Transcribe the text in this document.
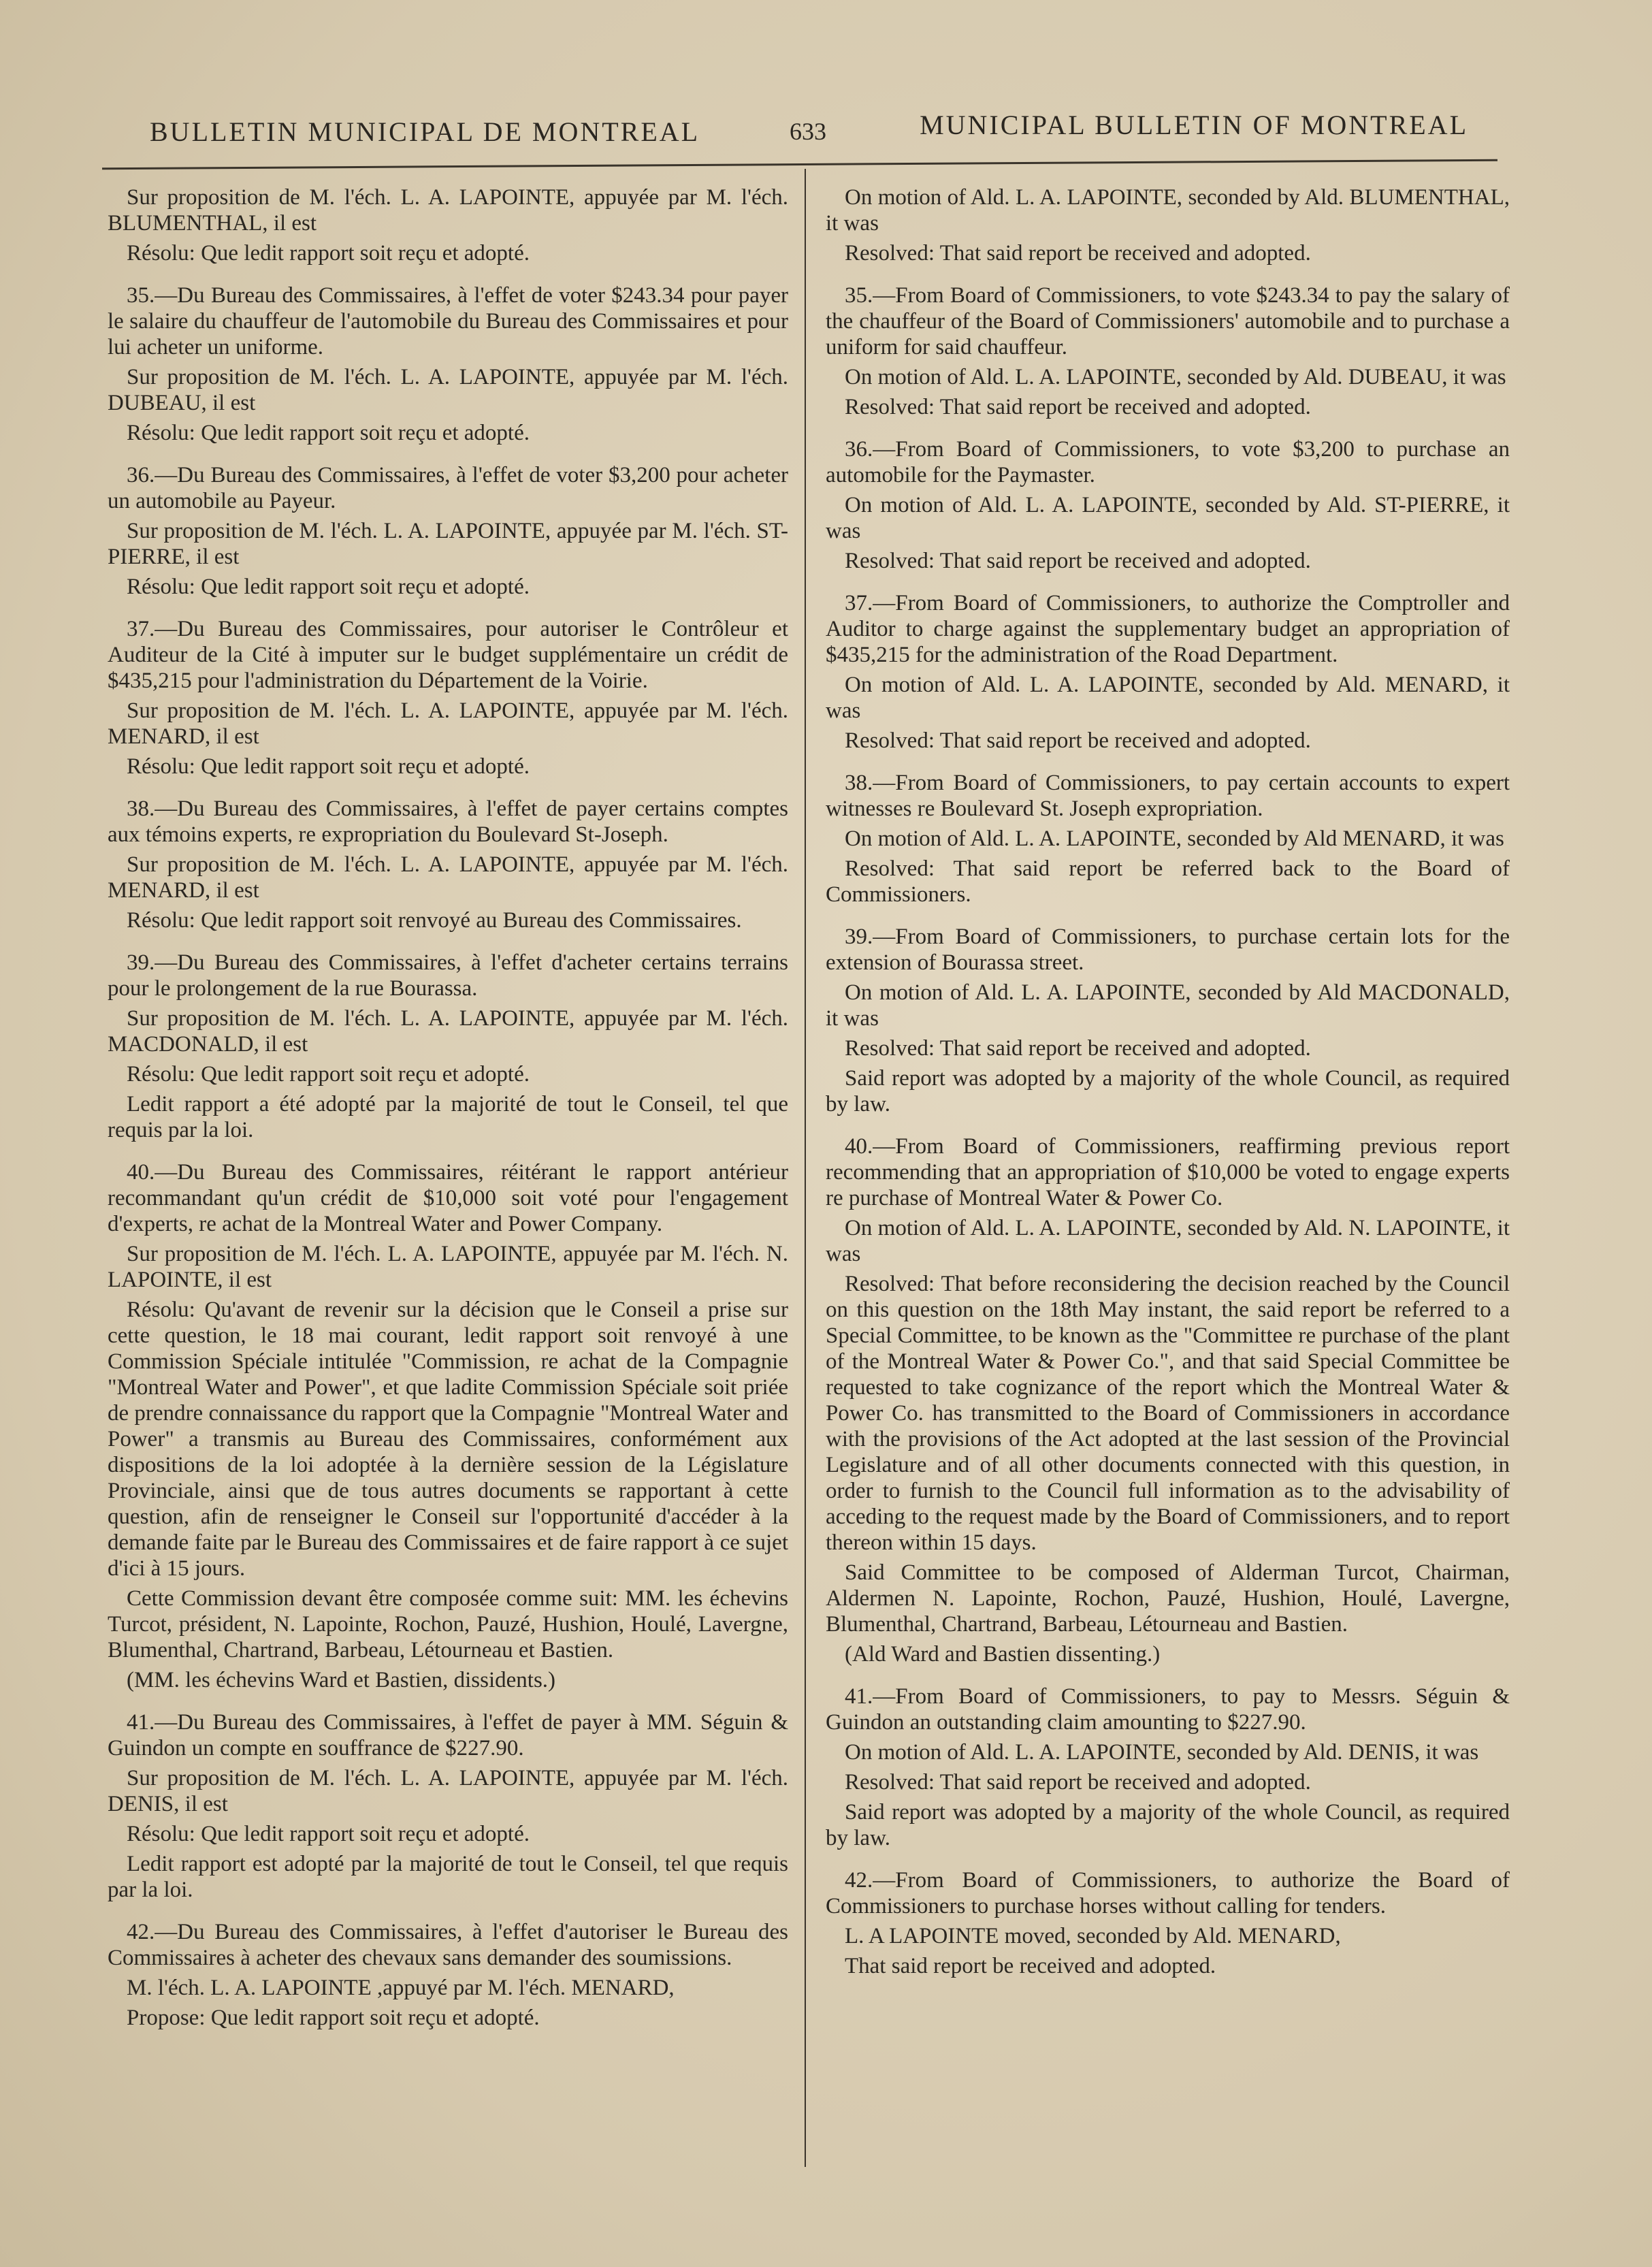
BULLETIN MUNICIPAL DE MONTREAL	633	MUNICIPAL BULLETIN OF MONTREAL

Sur proposition de M. l'éch. L. A. LAPOINTE, appuyée par M. l'éch. BLUMENTHAL, il est

Résolu: Que ledit rapport soit reçu et adopté.

35.—Du Bureau des Commissaires, à l'effet de voter $243.34 pour payer le salaire du chauffeur de l'automobile du Bureau des Commissaires et pour lui acheter un uniforme.

Sur proposition de M. l'éch. L. A. LAPOINTE, appuyée par M. l'éch. DUBEAU, il est

Résolu: Que ledit rapport soit reçu et adopté.

36.—Du Bureau des Commissaires, à l'effet de voter $3,200 pour acheter un automobile au Payeur.

Sur proposition de M. l'éch. L. A. LAPOINTE, appuyée par M. l'éch. ST-PIERRE, il est

Résolu: Que ledit rapport soit reçu et adopté.

37.—Du Bureau des Commissaires, pour autoriser le Contrôleur et Auditeur de la Cité à imputer sur le budget supplémentaire un crédit de $435,215 pour l'administration du Département de la Voirie.

Sur proposition de M. l'éch. L. A. LAPOINTE, appuyée par M. l'éch. MENARD, il est

Résolu: Que ledit rapport soit reçu et adopté.

38.—Du Bureau des Commissaires, à l'effet de payer certains comptes aux témoins experts, re expropriation du Boulevard St-Joseph.

Sur proposition de M. l'éch. L. A. LAPOINTE, appuyée par M. l'éch. MENARD, il est

Résolu: Que ledit rapport soit renvoyé au Bureau des Commissaires.

39.—Du Bureau des Commissaires, à l'effet d'acheter certains terrains pour le prolongement de la rue Bourassa.

Sur proposition de M. l'éch. L. A. LAPOINTE, appuyée par M. l'éch. MACDONALD, il est

Résolu: Que ledit rapport soit reçu et adopté.

Ledit rapport a été adopté par la majorité de tout le Conseil, tel que requis par la loi.

40.—Du Bureau des Commissaires, réitérant le rapport antérieur recommandant qu'un crédit de $10,000 soit voté pour l'engagement d'experts, re achat de la Montreal Water and Power Company.

Sur proposition de M. l'éch. L. A. LAPOINTE, appuyée par M. l'éch. N. LAPOINTE, il est

Résolu: Qu'avant de revenir sur la décision que le Conseil a prise sur cette question, le 18 mai courant, ledit rapport soit renvoyé à une Commission Spéciale intitulée "Commission, re achat de la Compagnie "Montreal Water and Power", et que ladite Commission Spéciale soit priée de prendre connaissance du rapport que la Compagnie "Montreal Water and Power" a transmis au Bureau des Commissaires, conformément aux dispositions de la loi adoptée à la dernière session de la Législature Provinciale, ainsi que de tous autres documents se rapportant à cette question, afin de renseigner le Conseil sur l'opportunité d'accéder à la demande faite par le Bureau des Commissaires et de faire rapport à ce sujet d'ici à 15 jours.

Cette Commission devant être composée comme suit: MM. les échevins Turcot, président, N. Lapointe, Rochon, Pauzé, Hushion, Houlé, Lavergne, Blumenthal, Chartrand, Barbeau, Létourneau et Bastien.

(MM. les échevins Ward et Bastien, dissidents.)

41.—Du Bureau des Commissaires, à l'effet de payer à MM. Séguin & Guindon un compte en souffrance de $227.90.

Sur proposition de M. l'éch. L. A. LAPOINTE, appuyée par M. l'éch. DENIS, il est

Résolu: Que ledit rapport soit reçu et adopté.

Ledit rapport est adopté par la majorité de tout le Conseil, tel que requis par la loi.

42.—Du Bureau des Commissaires, à l'effet d'autoriser le Bureau des Commissaires à acheter des chevaux sans demander des soumissions.

M. l'éch. L. A. LAPOINTE ,appuyé par M. l'éch. MENARD,

Propose: Que ledit rapport soit reçu et adopté.

On motion of Ald. L. A. LAPOINTE, seconded by Ald. BLUMENTHAL, it was

Resolved: That said report be received and adopted.

35.—From Board of Commissioners, to vote $243.34 to pay the salary of the chauffeur of the Board of Commissioners' automobile and to purchase a uniform for said chauffeur.

On motion of Ald. L. A. LAPOINTE, seconded by Ald. DUBEAU, it was

Resolved: That said report be received and adopted.

36.—From Board of Commissioners, to vote $3,200 to purchase an automobile for the Paymaster.

On motion of Ald. L. A. LAPOINTE, seconded by Ald. ST-PIERRE, it was

Resolved: That said report be received and adopted.

37.—From Board of Commissioners, to authorize the Comptroller and Auditor to charge against the supplementary budget an appropriation of $435,215 for the administration of the Road Department.

On motion of Ald. L. A. LAPOINTE, seconded by Ald. MENARD, it was

Resolved: That said report be received and adopted.

38.—From Board of Commissioners, to pay certain accounts to expert witnesses re Boulevard St. Joseph expropriation.

On motion of Ald. L. A. LAPOINTE, seconded by Ald MENARD, it was

Resolved: That said report be referred back to the Board of Commissioners.

39.—From Board of Commissioners, to purchase certain lots for the extension of Bourassa street.

On motion of Ald. L. A. LAPOINTE, seconded by Ald MACDONALD, it was

Resolved: That said report be received and adopted.

Said report was adopted by a majority of the whole Council, as required by law.

40.—From Board of Commissioners, reaffirming previous report recommending that an appropriation of $10,000 be voted to engage experts re purchase of Montreal Water & Power Co.

On motion of Ald. L. A. LAPOINTE, seconded by Ald. N. LAPOINTE, it was

Resolved: That before reconsidering the decision reached by the Council on this question on the 18th May instant, the said report be referred to a Special Committee, to be known as the "Committee re purchase of the plant of the Montreal Water & Power Co.", and that said Special Committee be requested to take cognizance of the report which the Montreal Water & Power Co. has transmitted to the Board of Commissioners in accordance with the provisions of the Act adopted at the last session of the Provincial Legislature and of all other documents connected with this question, in order to furnish to the Council full information as to the advisability of acceding to the request made by the Board of Commissioners, and to report thereon within 15 days.

Said Committee to be composed of Alderman Turcot, Chairman, Aldermen N. Lapointe, Rochon, Pauzé, Hushion, Houlé, Lavergne, Blumenthal, Chartrand, Barbeau, Létourneau and Bastien.

(Ald Ward and Bastien dissenting.)

41.—From Board of Commissioners, to pay to Messrs. Séguin & Guindon an outstanding claim amounting to $227.90.

On motion of Ald. L. A. LAPOINTE, seconded by Ald. DENIS, it was

Resolved: That said report be received and adopted.

Said report was adopted by a majority of the whole Council, as required by law.

42.—From Board of Commissioners, to authorize the Board of Commissioners to purchase horses without calling for tenders.

L. A LAPOINTE moved, seconded by Ald. MENARD,

That said report be received and adopted.
